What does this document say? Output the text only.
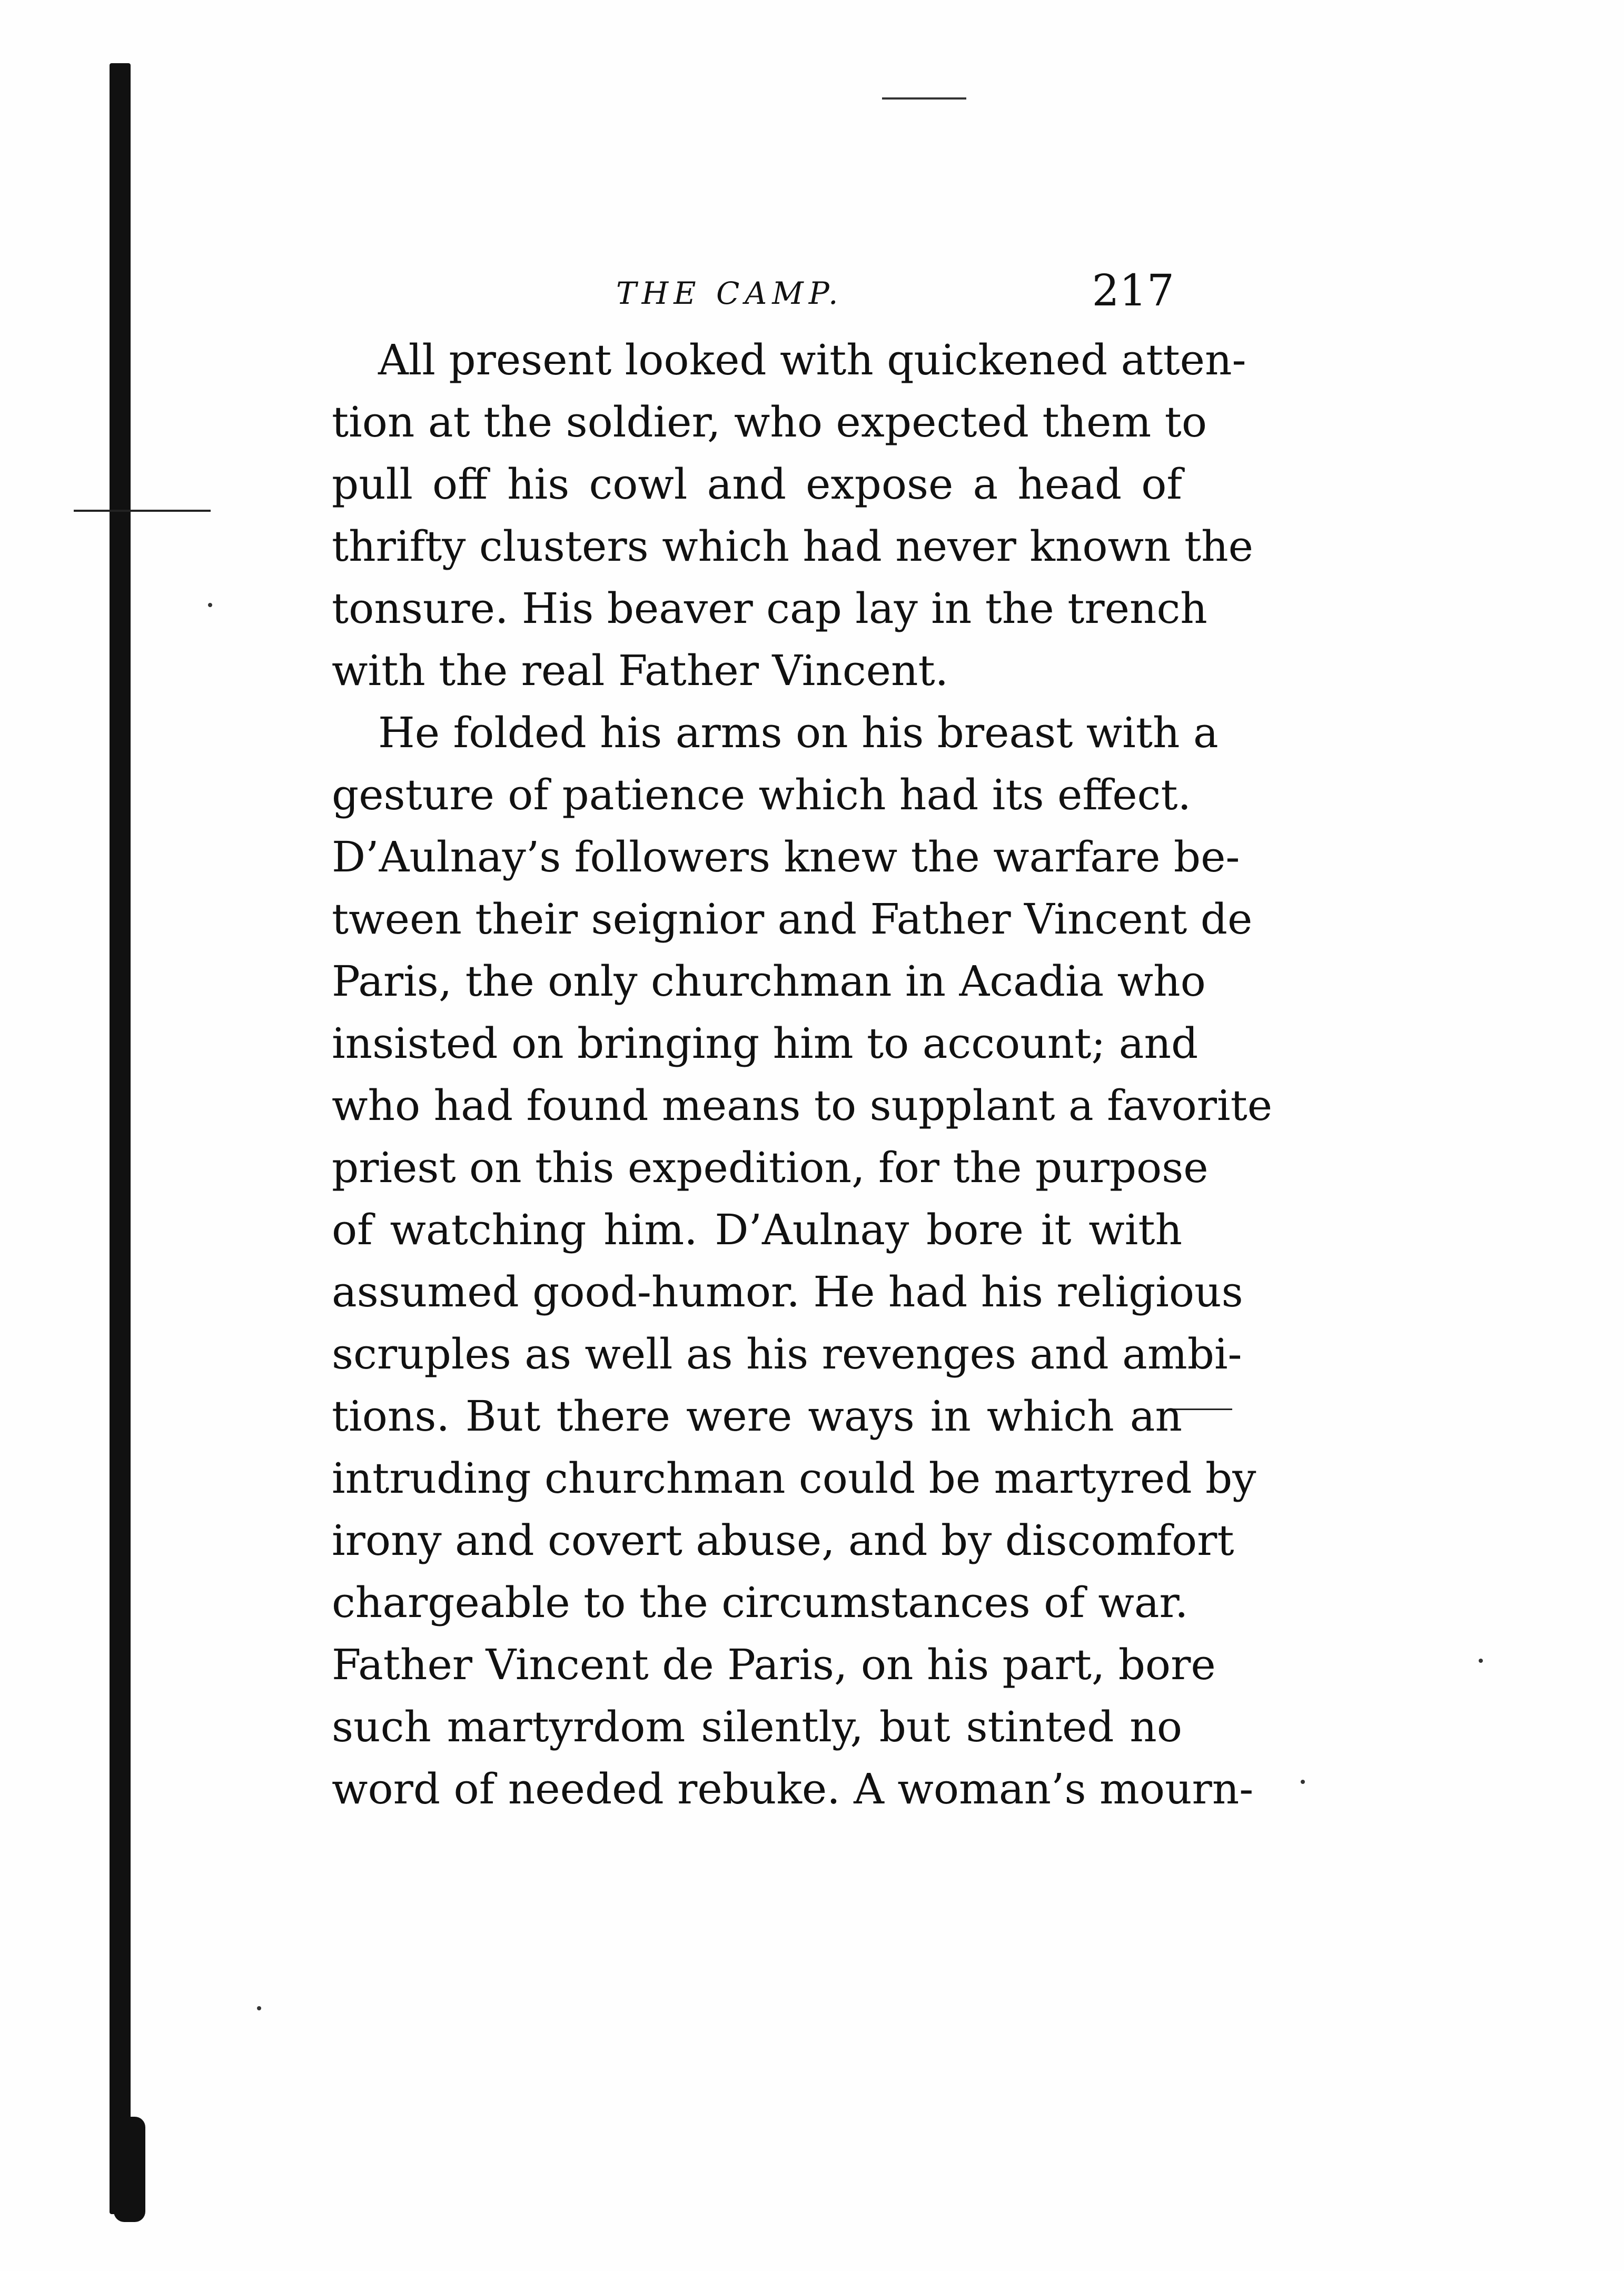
THE CAMP.	217
All present looked with quickened atten-
tion at the soldier, who expected them to
pull off his cowl and expose a head of
thrifty clusters which had never known the
tonsure. His beaver cap lay in the trench
with the real Father Vincent.
He folded his arms on his breast with a
gesture of patience which had its effect.
D’Aulnay’s followers knew the warfare be-
tween their seignior and Father Vincent de
Paris, the only churchman in Acadia who
insisted on bringing him to account; and
who had found means to supplant a favorite
priest on this expedition, for the purpose
of watching him. D’Aulnay bore it with
assumed good-humor. He had his religious
scruples as well as his revenges and ambi-
tions. But there were ways in which an
intruding churchman could be martyred by
irony and covert abuse, and by discomfort
chargeable to the circumstances of war.
Father Vincent de Paris, on his part, bore
such martyrdom silently, but stinted no
word of needed rebuke. A woman’s mourn-
